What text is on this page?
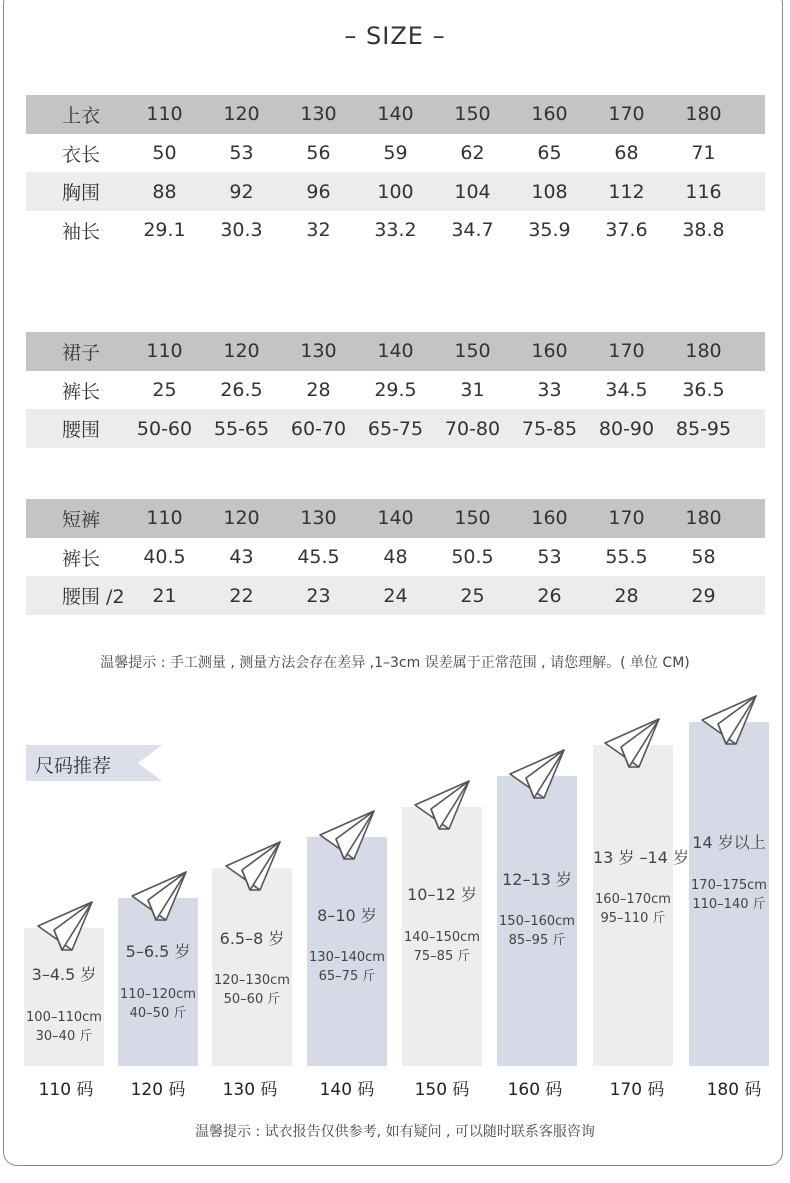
– SIZE –
上衣	110	120	130	140	150	160	170	180
衣长	50	53	56	59	62	65	68	71
胸围	88	92	96	100	104	108	112	116
袖长	29.1	30.3	32	33.2	34.7	35.9	37.6	38.8
裙子	110	120	130	140	150	160	170	180
裤长	25	26.5	28	29.5	31	33	34.5	36.5
腰围	50-60	55-65	60-70	65-75	70-80	75-85	80-90	85-95
短裤	110	120	130	140	150	160	170	180
裤长	40.5	43	45.5	48	50.5	53	55.5	58
腰围 /2	21	22	23	24	25	26	28	29
温馨提示 : 手工测量 , 测量方法会存在差异 ,1–3cm 误差属于正常范围 , 请您理解。( 单位 CM)
尺码推荐
3–4.5 岁
100–110cm
30–40 斤
5–6.5 岁
110–120cm
40–50 斤
6.5–8 岁
120–130cm
50–60 斤
8–10 岁
130–140cm
65–75 斤
10–12 岁
140–150cm
75–85 斤
12–13 岁
150–160cm
85–95 斤
13 岁 –14 岁
160–170cm
95–110 斤
14 岁以上
170–175cm
110–140 斤
110 码	120 码	130 码	140 码	150 码	160 码	170 码	180 码
温馨提示 : 试衣报告仅供参考, 如有疑问 , 可以随时联系客服咨询
